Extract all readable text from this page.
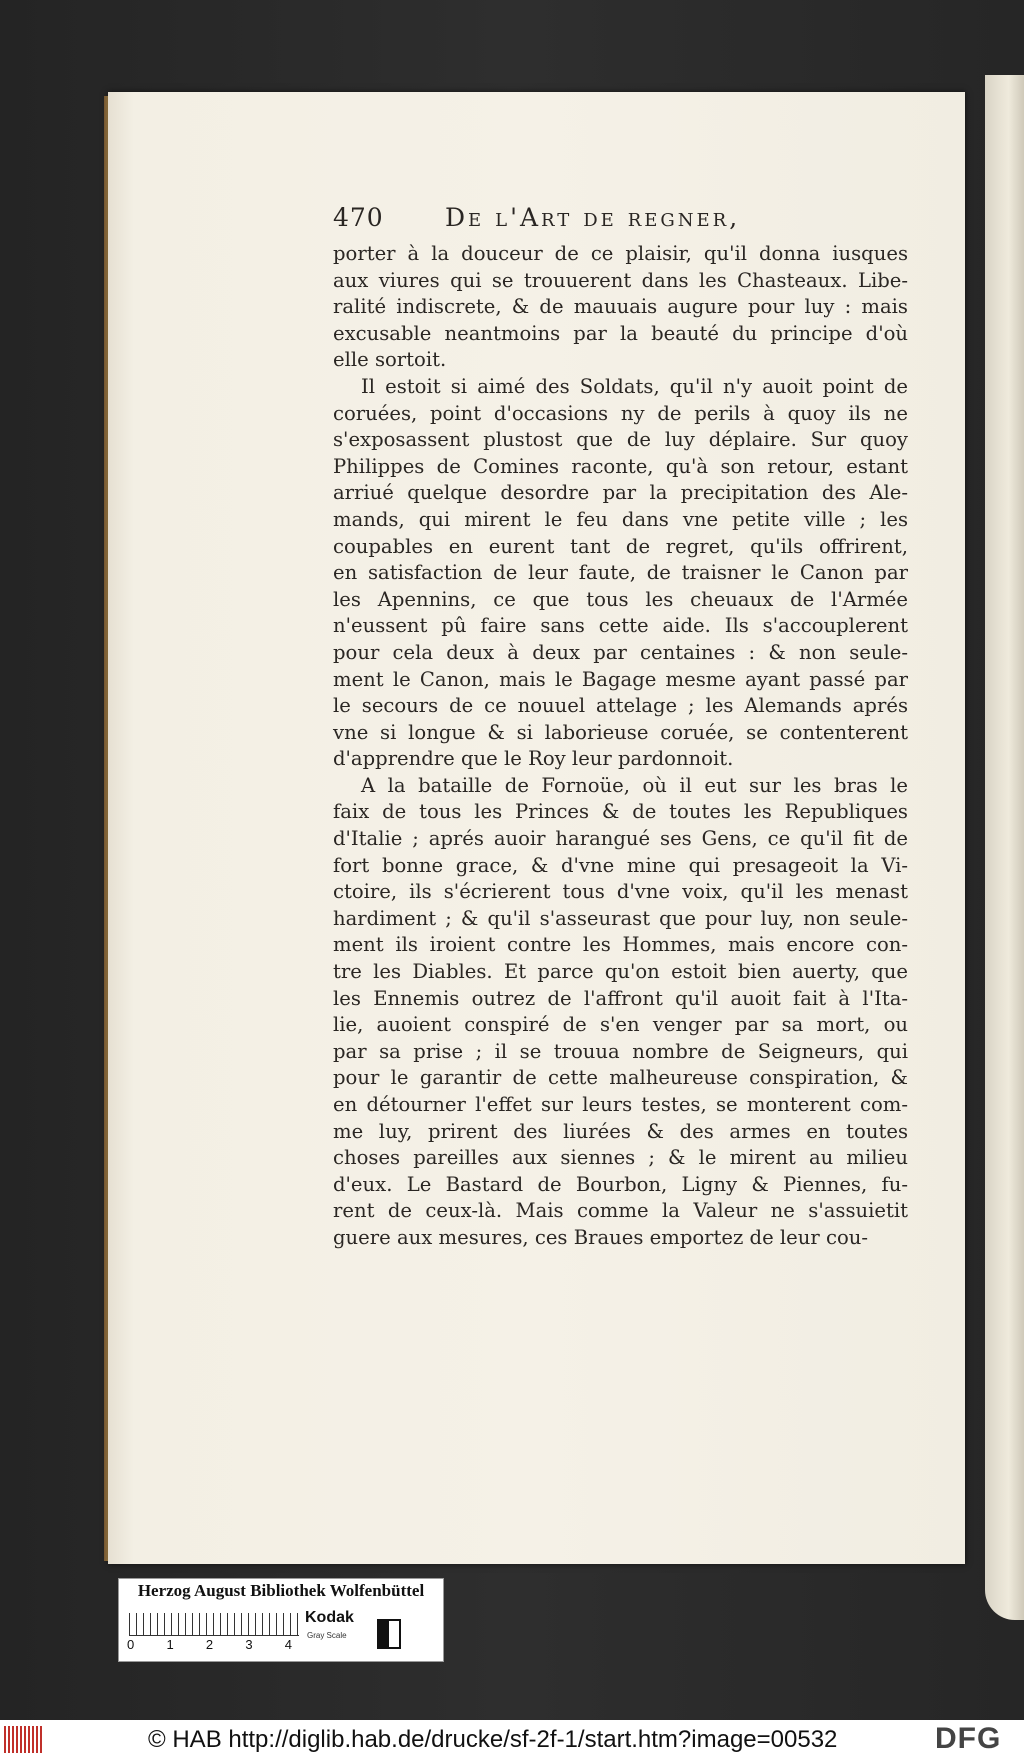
470 De l'Art de regner,
porter à la douceur de ce plaisir, qu'il donna iusques
aux viures qui se trouuerent dans les Chasteaux. Libe-
ralité indiscrete, & de mauuais augure pour luy : mais
excusable neantmoins par la beauté du principe d'où
elle sortoit.
Il estoit si aimé des Soldats, qu'il n'y auoit point de
coruées, point d'occasions ny de perils à quoy ils ne
s'exposassent plustost que de luy déplaire. Sur quoy
Philippes de Comines raconte, qu'à son retour, estant
arriué quelque desordre par la precipitation des Ale-
mands, qui mirent le feu dans vne petite ville ; les
coupables en eurent tant de regret, qu'ils offrirent,
en satisfaction de leur faute, de traisner le Canon par
les Apennins, ce que tous les cheuaux de l'Armée
n'eussent pû faire sans cette aide. Ils s'accouplerent
pour cela deux à deux par centaines : & non seule-
ment le Canon, mais le Bagage mesme ayant passé par
le secours de ce nouuel attelage ; les Alemands aprés
vne si longue & si laborieuse coruée, se contenterent
d'apprendre que le Roy leur pardonnoit.
A la bataille de Fornoüe, où il eut sur les bras le
faix de tous les Princes & de toutes les Republiques
d'Italie ; aprés auoir harangué ses Gens, ce qu'il fit de
fort bonne grace, & d'vne mine qui presageoit la Vi-
ctoire, ils s'écrierent tous d'vne voix, qu'il les menast
hardiment ; & qu'il s'asseurast que pour luy, non seule-
ment ils iroient contre les Hommes, mais encore con-
tre les Diables. Et parce qu'on estoit bien auerty, que
les Ennemis outrez de l'affront qu'il auoit fait à l'Ita-
lie, auoient conspiré de s'en venger par sa mort, ou
par sa prise ; il se trouua nombre de Seigneurs, qui
pour le garantir de cette malheureuse conspiration, &
en détourner l'effet sur leurs testes, se monterent com-
me luy, prirent des liurées & des armes en toutes
choses pareilles aux siennes ; & le mirent au milieu
d'eux. Le Bastard de Bourbon, Ligny & Piennes, fu-
rent de ceux-là. Mais comme la Valeur ne s'assuietit
guere aux mesures, ces Braues emportez de leur cou-
Herzog August Bibliothek Wolfenbüttel
0 1 2 3 4
Kodak
Gray Scale
© HAB http://diglib.hab.de/drucke/sf-2f-1/start.htm?image=00532	DFG
